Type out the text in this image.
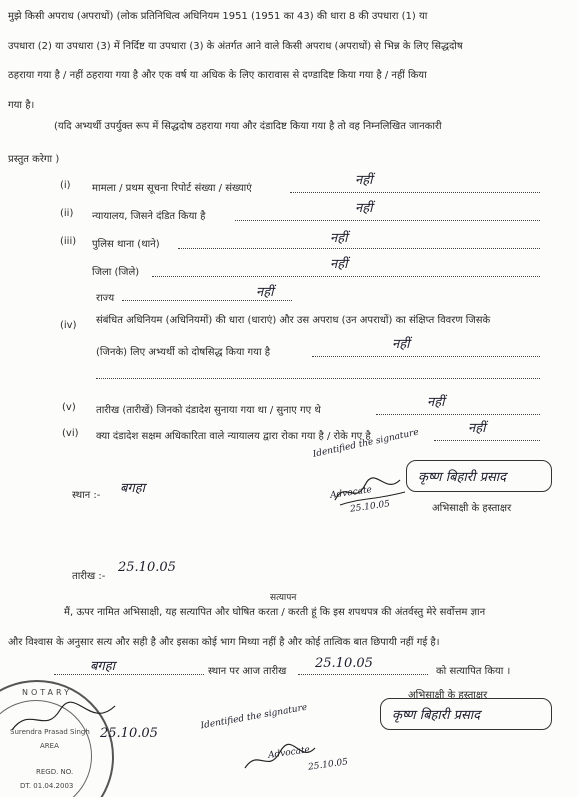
मुझे किसी अपराध (अपराधों) (लोक प्रतिनिधित्व अधिनियम 1951 (1951 का 43) की धारा 8 की उपधारा (1) या
उपधारा (2) या उपधारा (3) में निर्दिष्ट या उपधारा (3) के अंतर्गत आने वाले किसी अपराध (अपराधों) से भिन्न के लिए सिद्धदोष
ठहराया गया है / नहीं ठहराया गया है और एक वर्ष या अधिक के लिए कारावास से दण्डादिष्ट किया गया है / नहीं किया
गया है।
(यदि अभ्यर्थी उपर्युक्त रूप में सिद्धदोष ठहराया गया और दंडादिष्ट किया गया है तो वह निम्नलिखित जानकारी
प्रस्तुत करेगा )
(i) मामला / प्रथम सूचना रिपोर्ट संख्या / संख्याएं
नहीं
(ii) न्यायालय, जिसने दंडित किया है
नहीं
(iii) पुलिस थाना (थाने)	नहीं
जिला (जिले)
नहीं
राज्य	नहीं
(iv) संबंधित अधिनियम (अधिनियमों) की धारा (धाराएं) और उस अपराध (उन अपराधों) का संक्षिप्त विवरण जिसके
(जिनके) लिए अभ्यर्थी को दोषसिद्ध किया गया है
नहीं
(v) तारीख (तारीखें) जिनको दंडादेश सुनाया गया था / सुनाए गए थे
नहीं
(vi) क्या दंडादेश सक्षम अधिकारिता वाले न्यायालय द्वारा रोका गया है / रोके गए है
नहीं
स्थान :- बगहा
Identified the signature
Advocate
25.10.05
कृष्ण बिहारी प्रसाद
अभिसाक्षी के हस्ताक्षर
तारीख :-
25.10.05
सत्यापन
मैं, ऊपर नामित अभिसाक्षी, यह सत्यापित और घोषित करता / करती हूं कि इस शपथपत्र की अंतर्वस्तु मेरे सर्वोत्तम ज्ञान
और विश्वास के अनुसार सत्य और सही है और इसका कोई भाग मिथ्या नहीं है और कोई तात्विक बात छिपायी नहीं गई है।
बगहा	स्थान पर आज तारीख
25.10.05
को सत्यापित किया ।
अभिसाक्षी के हस्ताक्षर
कृष्ण बिहारी प्रसाद
Identified the signature
Advocate
25.10.05
NOTARY
Surendra Prasad Singh
AREA
REGD. NO.
DT. 01.04.2003
25.10.05
